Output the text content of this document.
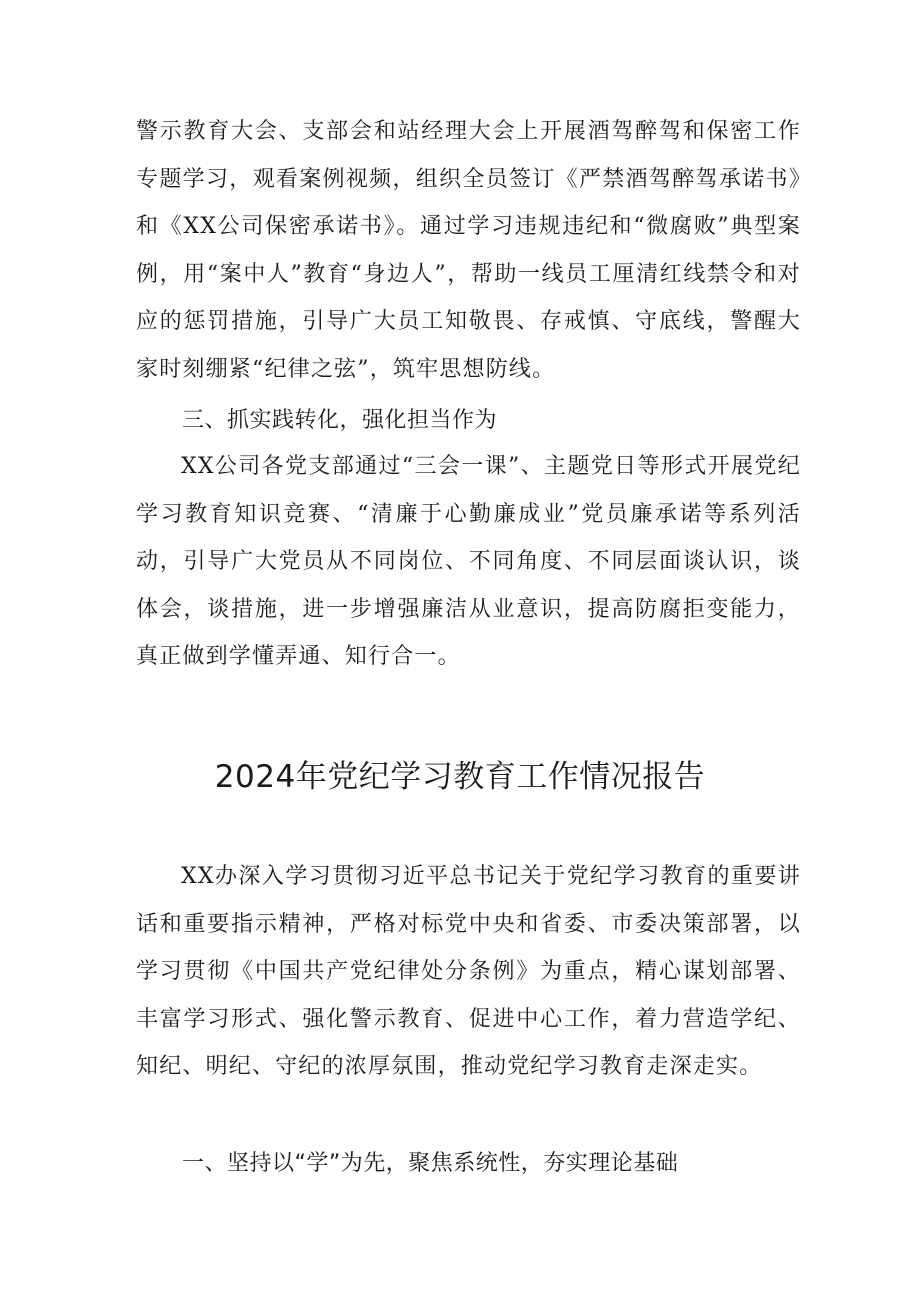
警示教育大会、支部会和站经理大会上开展酒驾醉驾和保密工作专题学习，观看案例视频，组织全员签订《严禁酒驾醉驾承诺书》和《XX公司保密承诺书》。通过学习违规违纪和“微腐败”典型案例，用“案中人”教育“身边人”，帮助一线员工厘清红线禁令和对应的惩罚措施，引导广大员工知敬畏、存戒慎、守底线，警醒大家时刻绷紧“纪律之弦”，筑牢思想防线。

三、抓实践转化，强化担当作为

XX公司各党支部通过“三会一课”、主题党日等形式开展党纪学习教育知识竞赛、“清廉于心勤廉成业”党员廉承诺等系列活动，引导广大党员从不同岗位、不同角度、不同层面谈认识，谈体会，谈措施，进一步增强廉洁从业意识，提高防腐拒变能力，真正做到学懂弄通、知行合一。

2024年党纪学习教育工作情况报告

XX办深入学习贯彻习近平总书记关于党纪学习教育的重要讲话和重要指示精神，严格对标党中央和省委、市委决策部署，以学习贯彻《中国共产党纪律处分条例》为重点，精心谋划部署、丰富学习形式、强化警示教育、促进中心工作，着力营造学纪、知纪、明纪、守纪的浓厚氛围，推动党纪学习教育走深走实。

一、坚持以“学”为先，聚焦系统性，夯实理论基础
